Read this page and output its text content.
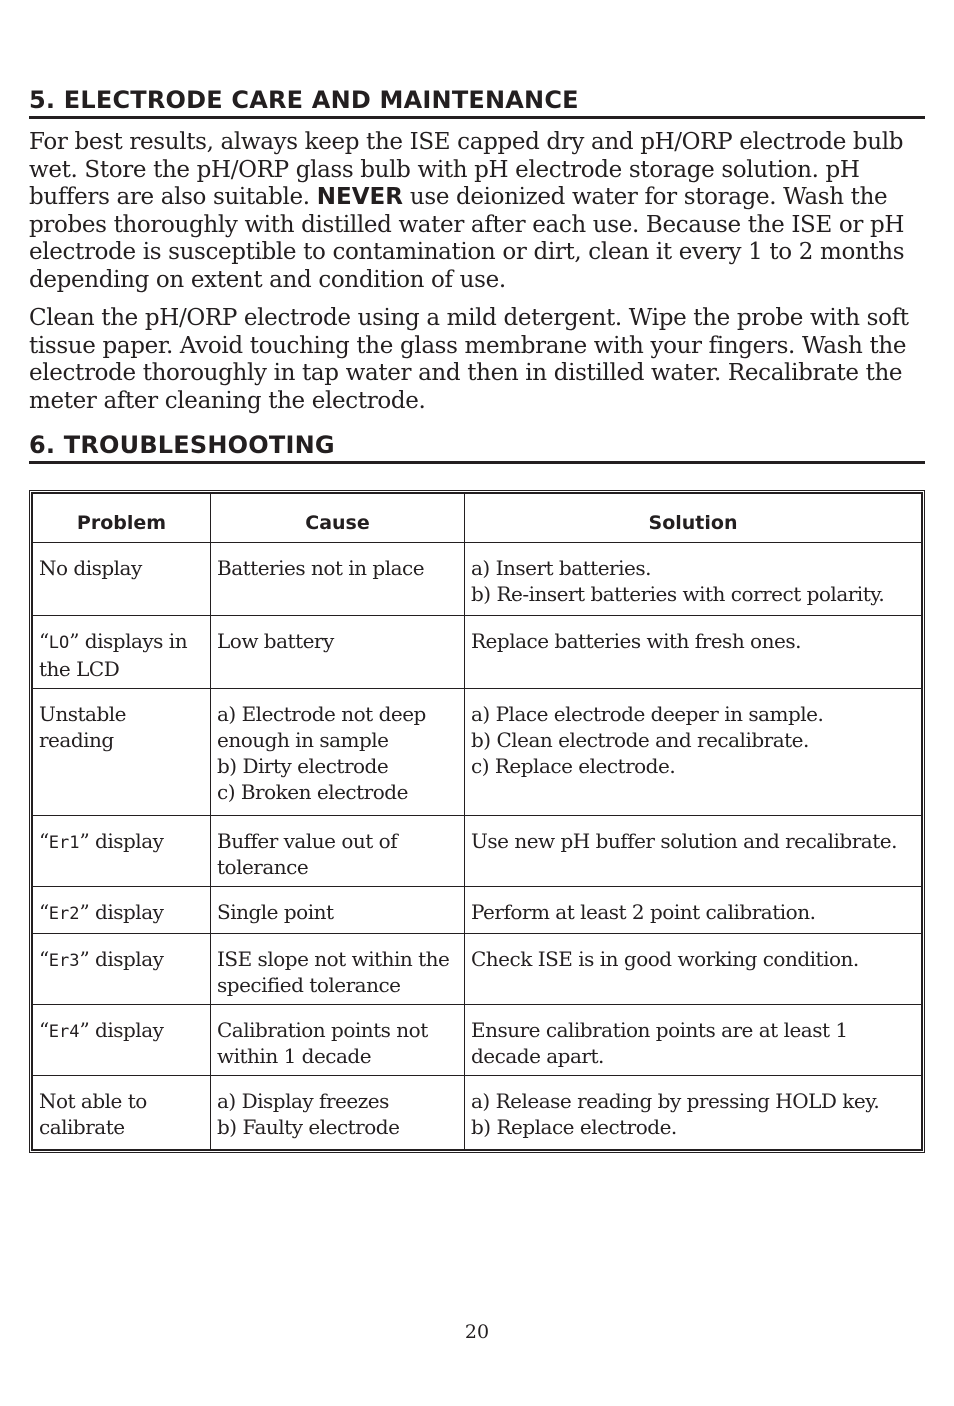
5. ELECTRODE CARE AND MAINTENANCE

For best results, always keep the ISE capped dry and pH/ORP electrode bulb wet. Store the pH/ORP glass bulb with pH electrode storage solution. pH buffers are also suitable. NEVER use deionized water for storage. Wash the probes thoroughly with distilled water after each use. Because the ISE or pH electrode is susceptible to contamination or dirt, clean it every 1 to 2 months depending on extent and condition of use.

Clean the pH/ORP electrode using a mild detergent. Wipe the probe with soft tissue paper. Avoid touching the glass membrane with your fingers. Wash the electrode thoroughly in tap water and then in distilled water. Recalibrate the meter after cleaning the electrode.

6. TROUBLESHOOTING
Problem	Cause	Solution
No display	Batteries not in place	a) Insert batteries.
b) Re-insert batteries with correct polarity.

“LO” displays in the LCD	Low battery	Replace batteries with fresh ones.

Unstable reading	a) Electrode not deep enough in sample
b) Dirty electrode
c) Broken electrode	a) Place electrode deeper in sample.
b) Clean electrode and recalibrate.
c) Replace electrode.

“Er1” display	Buffer value out of tolerance	Use new pH buffer solution and recalibrate.

“Er2” display	Single point	Perform at least 2 point calibration.

“Er3” display	ISE slope not within the specified tolerance	Check ISE is in good working condition.

“Er4” display	Calibration points not within 1 decade	Ensure calibration points are at least 1 decade apart.

Not able to calibrate	a) Display freezes
b) Faulty electrode	a) Release reading by pressing HOLD key.
b) Replace electrode.
20
